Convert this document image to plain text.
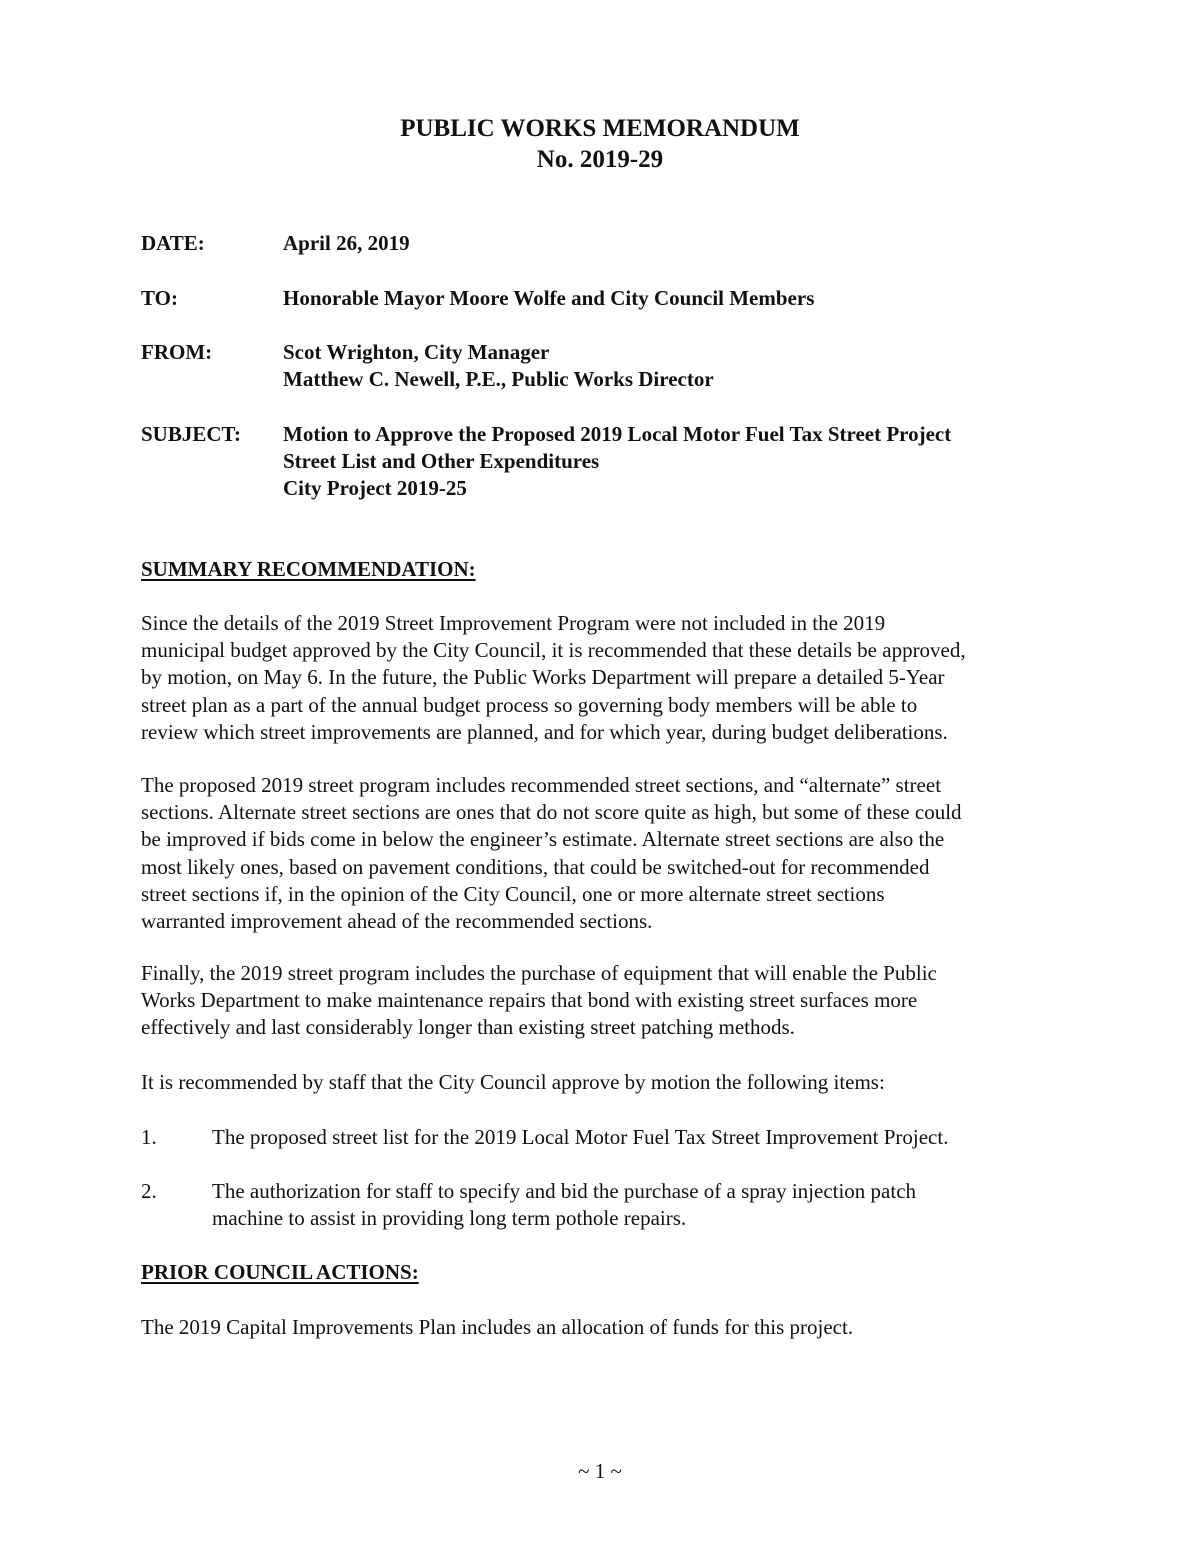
PUBLIC WORKS MEMORANDUM
No. 2019-29
DATE:	April 26, 2019
TO:	Honorable Mayor Moore Wolfe and City Council Members
FROM:	Scot Wrighton, City Manager
Matthew C. Newell, P.E., Public Works Director
SUBJECT: Motion to Approve the Proposed 2019 Local Motor Fuel Tax Street Project
Street List and Other Expenditures
City Project 2019-25
SUMMARY RECOMMENDATION:
Since the details of the 2019 Street Improvement Program were not included in the 2019
municipal budget approved by the City Council, it is recommended that these details be approved,
by motion, on May 6. In the future, the Public Works Department will prepare a detailed 5-Year
street plan as a part of the annual budget process so governing body members will be able to
review which street improvements are planned, and for which year, during budget deliberations.
The proposed 2019 street program includes recommended street sections, and “alternate” street
sections. Alternate street sections are ones that do not score quite as high, but some of these could
be improved if bids come in below the engineer’s estimate. Alternate street sections are also the
most likely ones, based on pavement conditions, that could be switched-out for recommended
street sections if, in the opinion of the City Council, one or more alternate street sections
warranted improvement ahead of the recommended sections.
Finally, the 2019 street program includes the purchase of equipment that will enable the Public
Works Department to make maintenance repairs that bond with existing street surfaces more
effectively and last considerably longer than existing street patching methods.
It is recommended by staff that the City Council approve by motion the following items:
1.	The proposed street list for the 2019 Local Motor Fuel Tax Street Improvement Project.
2.	The authorization for staff to specify and bid the purchase of a spray injection patch
machine to assist in providing long term pothole repairs.
PRIOR COUNCIL ACTIONS:
The 2019 Capital Improvements Plan includes an allocation of funds for this project.
~ 1 ~
